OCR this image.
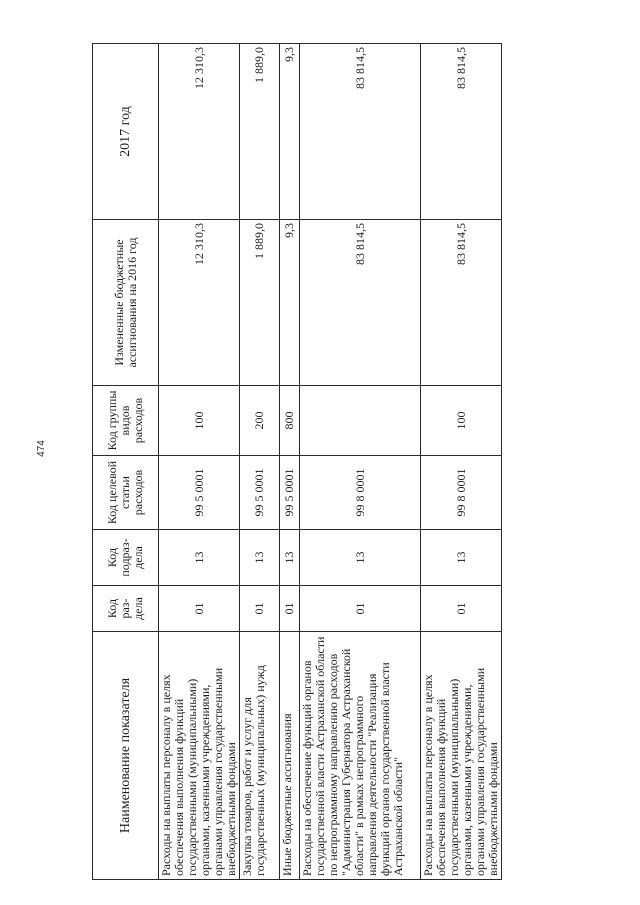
474
Наименование показателя	Код раз-дела	Код подраз-дела	Код целевой статьи расходов	Код группы видов расходов	Измененные бюджетные ассигнования на 2016 год	2017 год
Расходы на выплаты персоналу в целях обеспечения выполнения функций государственными (муниципальными) органами, казенными учреждениями, органами управления государственными внебюджетными фондами	01	13	99 5 0001	100	12 310,3	12 310,3
Закупка товаров, работ и услуг для государственных (муниципальных) нужд	01	13	99 5 0001	200	1 889,0	1 889,0
Иные бюджетные ассигнования	01	13	99 5 0001	800	9,3	9,3
Расходы на обеспечение функций органов государственной власти Астраханской области по непрограммному направлению расходов "Администрация Губернатора Астраханской области" в рамках непрограммного направления деятельности "Реализация функций органов государственной власти Астраханской области"	01	13	99 8 0001		83 814,5	83 814,5
Расходы на выплаты персоналу в целях обеспечения выполнения функций государственными (муниципальными) органами, казенными учреждениями, органами управления государственными внебюджетными фондами	01	13	99 8 0001	100	83 814,5	83 814,5
